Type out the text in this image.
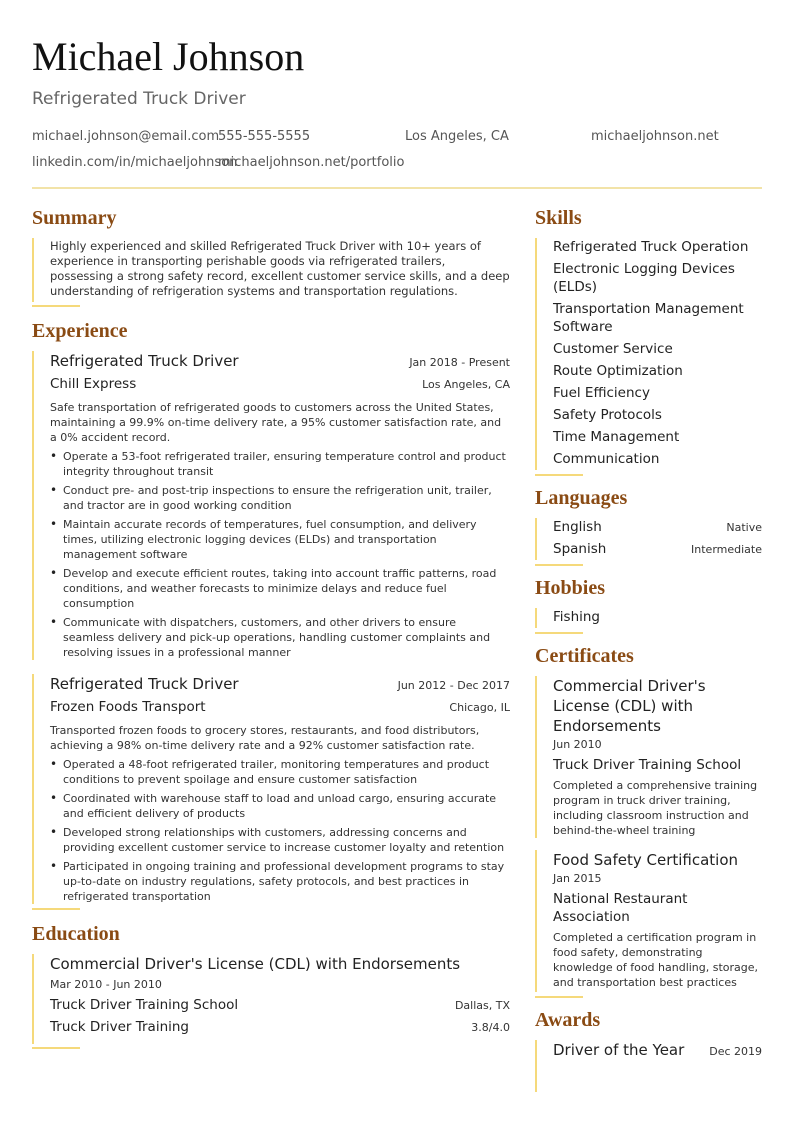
Michael Johnson
Refrigerated Truck Driver
michael.johnson@email.com
555-555-5555	Los Angeles, CA	michaeljohnson.net
linkedin.com/in/michaeljohnson
michaeljohnson.net/portfolio
Summary
Highly experienced and skilled Refrigerated Truck Driver with 10+ years of experience in transporting perishable goods via refrigerated trailers, possessing a strong safety record, excellent customer service skills, and a deep understanding of refrigeration systems and transportation regulations.
Experience
Refrigerated Truck Driver	Jan 2018 - Present
Chill Express	Los Angeles, CA
Safe transportation of refrigerated goods to customers across the United States, maintaining a 99.9% on-time delivery rate, a 95% customer satisfaction rate, and a 0% accident record.
• Operate a 53-foot refrigerated trailer, ensuring temperature control and product integrity throughout transit
• Conduct pre- and post-trip inspections to ensure the refrigeration unit, trailer, and tractor are in good working condition
• Maintain accurate records of temperatures, fuel consumption, and delivery times, utilizing electronic logging devices (ELDs) and transportation management software
• Develop and execute efficient routes, taking into account traffic patterns, road conditions, and weather forecasts to minimize delays and reduce fuel consumption
• Communicate with dispatchers, customers, and other drivers to ensure seamless delivery and pick-up operations, handling customer complaints and resolving issues in a professional manner
Refrigerated Truck Driver	Jun 2012 - Dec 2017
Frozen Foods Transport	Chicago, IL
Transported frozen foods to grocery stores, restaurants, and food distributors, achieving a 98% on-time delivery rate and a 92% customer satisfaction rate.
• Operated a 48-foot refrigerated trailer, monitoring temperatures and product conditions to prevent spoilage and ensure customer satisfaction
• Coordinated with warehouse staff to load and unload cargo, ensuring accurate and efficient delivery of products
• Developed strong relationships with customers, addressing concerns and providing excellent customer service to increase customer loyalty and retention
• Participated in ongoing training and professional development programs to stay up-to-date on industry regulations, safety protocols, and best practices in refrigerated transportation
Education
Commercial Driver's License (CDL) with Endorsements
Mar 2010 - Jun 2010
Truck Driver Training School	Dallas, TX
Truck Driver Training	3.8/4.0
Skills
Refrigerated Truck Operation
Electronic Logging Devices (ELDs)
Transportation Management Software
Customer Service
Route Optimization
Fuel Efficiency
Safety Protocols
Time Management
Communication
Languages
English	Native
Spanish	Intermediate
Hobbies
Fishing
Certificates
Commercial Driver's License (CDL) with Endorsements
Jun 2010
Truck Driver Training School
Completed a comprehensive training program in truck driver training, including classroom instruction and behind-the-wheel training
Food Safety Certification
Jan 2015
National Restaurant Association
Completed a certification program in food safety, demonstrating knowledge of food handling, storage, and transportation best practices
Awards
Driver of the Year Dec 2019
